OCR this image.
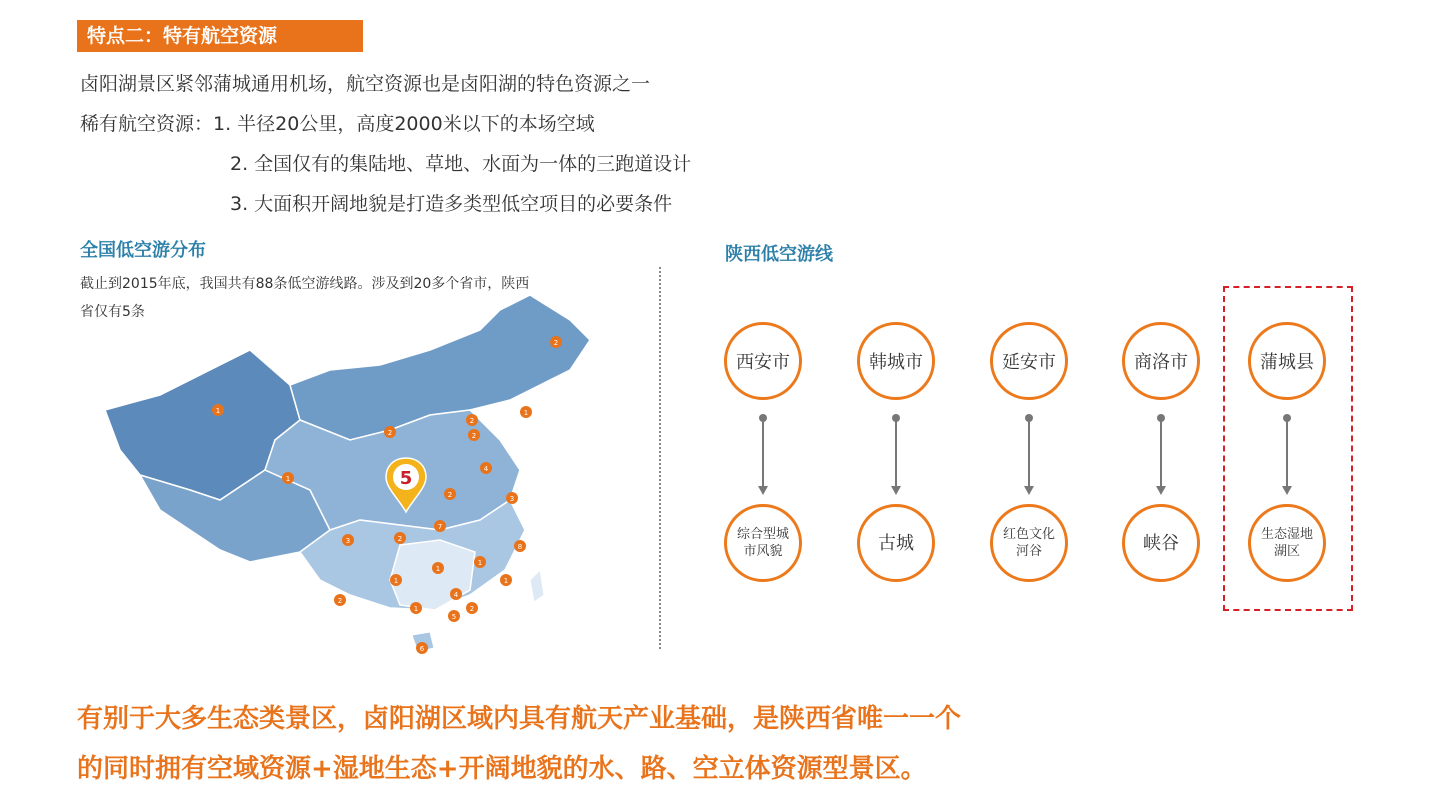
特点二：特有航空资源
卤阳湖景区紧邻蒲城通用机场，航空资源也是卤阳湖的特色资源之一
稀有航空资源：1. 半径20公里，高度2000米以下的本场空域
2. 全国仅有的集陆地、草地、水面为一体的三跑道设计
3. 大面积开阔地貌是打造多类型低空项目的必要条件
全国低空游分布
截止到2015年底，我国共有88条低空游线路。涉及到20多个省市，陕西省仅有5条
1
1
2
2
2
1
4
2	3
7
2
3
1
1
1
4
1
2
5
2
6
1
8
2
5
陕西低空游线
西安市
综合型城市风貌
韩城市
古城
延安市
红色文化河谷
商洛市
峡谷
蒲城县
生态湿地湖区
有别于大多生态类景区，卤阳湖区域内具有航天产业基础，是陕西省唯一一个
的同时拥有空域资源+湿地生态+开阔地貌的水、路、空立体资源型景区。
